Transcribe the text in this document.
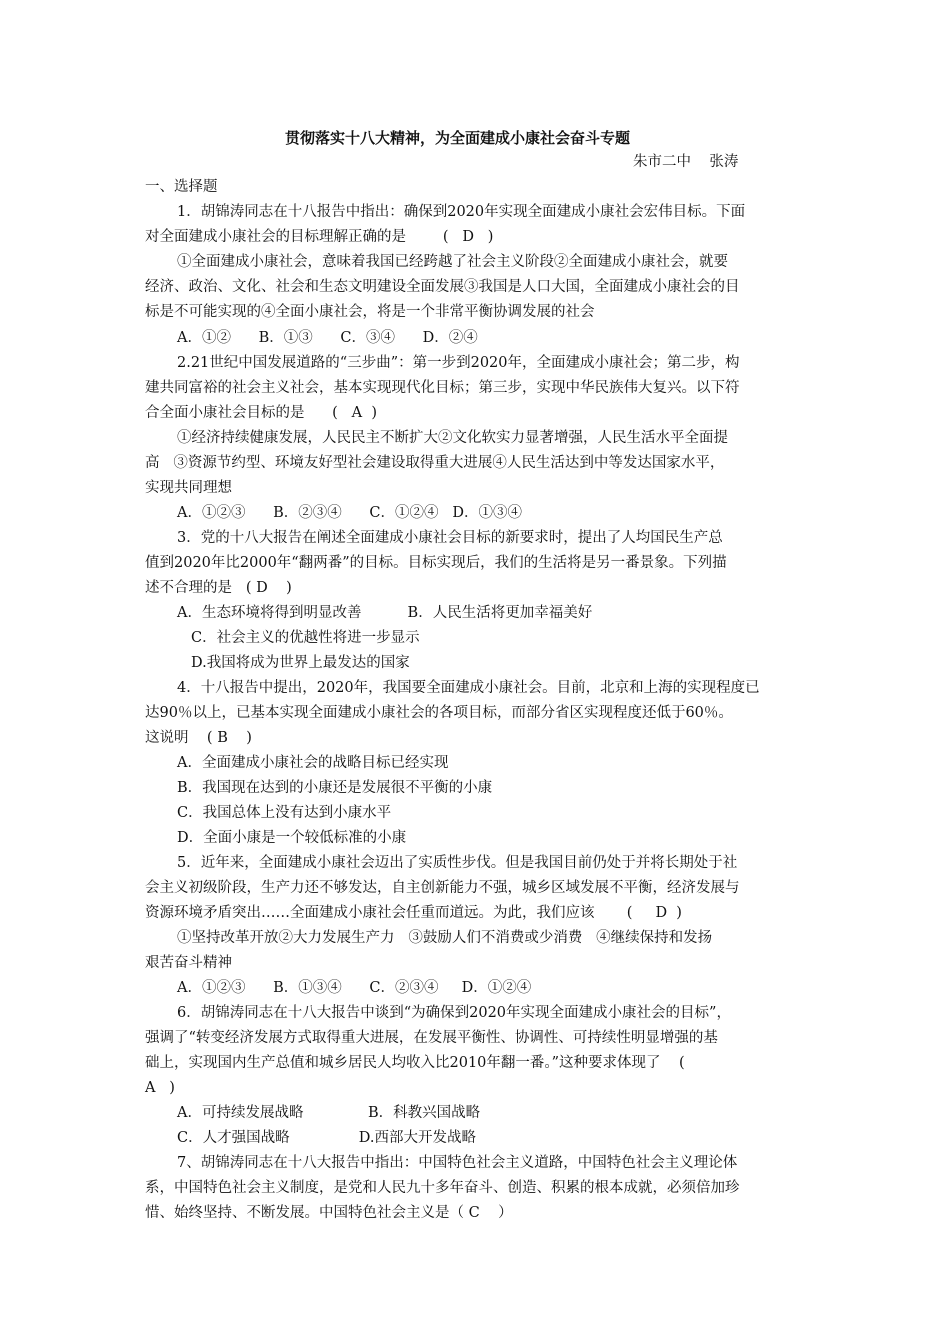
贯彻落实十八大精神，为全面建成小康社会奋斗专题
朱市二中    张涛
一、选择题
1．胡锦涛同志在十八报告中指出：确保到2020年实现全面建成小康社会宏伟目标。下面
对全面建成小康社会的目标理解正确的是        (   D   )
①全面建成小康社会，意味着我国已经跨越了社会主义阶段②全面建成小康社会，就要
经济、政治、文化、社会和生态文明建设全面发展③我国是人口大国，全面建成小康社会的目
标是不可能实现的④全面小康社会，将是一个非常平衡协调发展的社会
A．①②      B．①③      C．③④      D．②④
2.21世纪中国发展道路的“三步曲”：第一步到2020年，全面建成小康社会；第二步，构
建共同富裕的社会主义社会，基本实现现代化目标；第三步，实现中华民族伟大复兴。以下符
合全面小康社会目标的是      (   A  )
①经济持续健康发展，人民民主不断扩大②文化软实力显著增强，人民生活水平全面提
高   ③资源节约型、环境友好型社会建设取得重大进展④人民生活达到中等发达国家水平，
实现共同理想
A．①②③      B．②③④      C．①②④   D．①③④
3．党的十八大报告在阐述全面建成小康社会目标的新要求时，提出了人均国民生产总
值到2020年比2000年“翻两番”的目标。目标实现后，我们的生活将是另一番景象。下列描
述不合理的是   ( D    )
A．生态环境将得到明显改善          B．人民生活将更加幸福美好
C．社会主义的优越性将进一步显示
D.我国将成为世界上最发达的国家
4．十八报告中提出，2020年，我国要全面建成小康社会。目前，北京和上海的实现程度已
达90％以上，已基本实现全面建成小康社会的各项目标，而部分省区实现程度还低于60％。
这说明    ( B    )
A．全面建成小康社会的战略目标已经实现
B．我国现在达到的小康还是发展很不平衡的小康
C．我国总体上没有达到小康水平
D．全面小康是一个较低标准的小康
5．近年来，全面建成小康社会迈出了实质性步伐。但是我国目前仍处于并将长期处于社
会主义初级阶段，生产力还不够发达，自主创新能力不强，城乡区域发展不平衡，经济发展与
资源环境矛盾突出……全面建成小康社会任重而道远。为此，我们应该       (     D  )
①坚持改革开放②大力发展生产力   ③鼓励人们不消费或少消费   ④继续保持和发扬
艰苦奋斗精神
A．①②③      B．①③④      C．②③④     D．①②④
6．胡锦涛同志在十八大报告中谈到“为确保到2020年实现全面建成小康社会的目标”，
强调了“转变经济发展方式取得重大进展，在发展平衡性、协调性、可持续性明显增强的基
础上，实现国内生产总值和城乡居民人均收入比2010年翻一番。”这种要求体现了    (
A   )
A．可持续发展战略              B．科教兴国战略
C．人才强国战略               D.西部大开发战略
7、胡锦涛同志在十八大报告中指出：中国特色社会主义道路，中国特色社会主义理论体
系，中国特色社会主义制度，是党和人民九十多年奋斗、创造、积累的根本成就，必须倍加珍
惜、始终坚持、不断发展。中国特色社会主义是（ C    ）
